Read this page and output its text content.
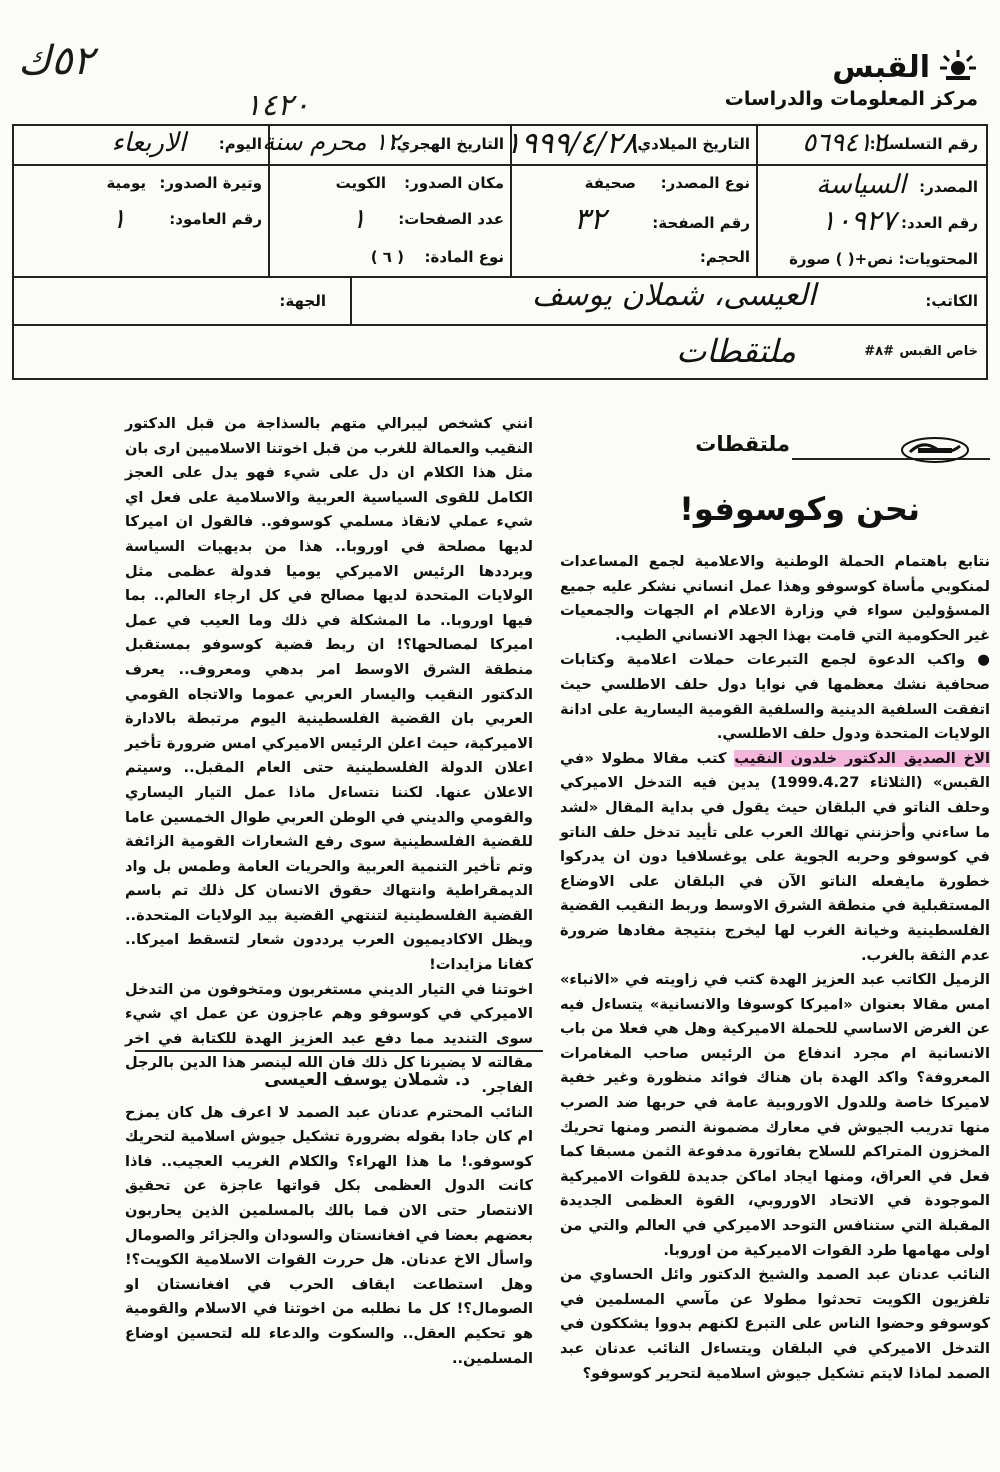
٥٢ك
١٤٢٠
القبس
مركز المعلومات والدراسات
رقم التسلسل:
٥٦٩٤١٢
التاريخ الميلادي:
١٩٩٩/٤/٢٨
التاريخ الهجري:
١٢ محرم سنة
اليوم:
الاربعاء
المصدر:
السياسة
نوع المصدر:
صحيفة
مكان الصدور:
الكويت
وتيرة الصدور:
يومية
رقم العدد:
١٠٩٢٧
رقم الصفحة:
٣٢
عدد الصفحات:
١
رقم العامود:
١
المحتويات: نص+( ) صورة
الحجم:
نوع المادة:
( ٦ )
الكاتب:
العيسى، شملان يوسف
الجهة:
خاص القبس
#٨#
ملتقطات
ملتقطات
نحن وكوسوفو!

نتابع باهتمام الحملة الوطنية والاعلامية لجمع المساعدات لمنكوبي مأساة كوسوفو وهذا عمل انساني نشكر عليه جميع المسؤولين سواء في وزارة الاعلام ام الجهات والجمعيات غير الحكومية التي قامت بهذا الجهد الانساني الطيب.

● واكب الدعوة لجمع التبرعات حملات اعلامية وكتابات صحافية نشك معظمها في نوايا دول حلف الاطلسي حيث اتفقت السلفية الدينية والسلفية القومية اليسارية على ادانة الولايات المتحدة ودول حلف الاطلسي.

الاخ الصديق الدكتور خلدون النقيب كتب مقالا مطولا «في القبس» (الثلاثاء 1999.4.27) يدين فيه التدخل الاميركي وحلف الناتو في البلقان حيث يقول في بداية المقال «لشد ما ساءني وأحزنني تهالك العرب على تأييد تدخل حلف الناتو في كوسوفو وحربه الجوية على يوغسلافيا دون ان يدركوا خطورة مايفعله الناتو الآن في البلقان على الاوضاع المستقبلية في منطقة الشرق الاوسط وربط النقيب القضية الفلسطينية وخيانة الغرب لها ليخرج بنتيجة مفادها ضرورة عدم الثقة بالغرب.

الزميل الكاتب عبد العزيز الهدة كتب في زاويته في «الانباء» امس مقالا بعنوان «اميركا كوسوفا والانسانية» يتساءل فيه عن الغرض الاساسي للحملة الاميركية وهل هي فعلا من باب الانسانية ام مجرد اندفاع من الرئيس صاحب المغامرات المعروفة؟ واكد الهدة بان هناك فوائد منظورة وغير خفية لاميركا خاصة وللدول الاوروبية عامة في حربها ضد الصرب منها تدريب الجيوش في معارك مضمونة النصر ومنها تحريك المخزون المتراكم للسلاح بفاتورة مدفوعة الثمن مسبقا كما فعل في العراق، ومنها ايجاد اماكن جديدة للقوات الاميركية الموجودة في الاتحاد الاوروبي، القوة العظمى الجديدة المقبلة التي ستنافس التوحد الاميركي في العالم والتي من اولى مهامها طرد القوات الاميركية من اوروبا.

النائب عدنان عبد الصمد والشيخ الدكتور وائل الحساوي من تلفزيون الكويت تحدثوا مطولا عن مآسي المسلمين في كوسوفو وحضوا الناس على التبرع لكنهم بدووا يشككون في التدخل الاميركي في البلقان ويتساءل النائب عدنان عبد الصمد لماذا لايتم تشكيل جيوش اسلامية لتحرير كوسوفو؟

انني كشخص ليبرالي متهم بالسذاجة من قبل الدكتور النقيب والعمالة للغرب من قبل اخوتنا الاسلاميين ارى بان مثل هذا الكلام ان دل على شيء فهو يدل على العجز الكامل للقوى السياسية العربية والاسلامية على فعل اي شيء عملي لانقاذ مسلمي كوسوفو.. فالقول ان اميركا لديها مصلحة في اوروبا.. هذا من بديهيات السياسة ويرددها الرئيس الاميركي يوميا فدولة عظمى مثل الولايات المتحدة لديها مصالح في كل ارجاء العالم.. بما فيها اوروبا.. ما المشكلة في ذلك وما العيب في عمل اميركا لمصالحها؟! ان ربط قضية كوسوفو بمستقبل منطقة الشرق الاوسط امر بدهي ومعروف.. يعرف الدكتور النقيب واليسار العربي عموما والاتجاه القومي العربي بان القضية الفلسطينية اليوم مرتبطة بالادارة الاميركية، حيث اعلن الرئيس الاميركي امس ضرورة تأخير اعلان الدولة الفلسطينية حتى العام المقبل.. وسيتم الاعلان عنها. لكننا نتساءل ماذا عمل التيار اليساري والقومي والديني في الوطن العربي طوال الخمسين عاما للقضية الفلسطينية سوى رفع الشعارات القومية الزائفة وتم تأخير التنمية العربية والحريات العامة وطمس بل واد الديمقراطية وانتهاك حقوق الانسان كل ذلك تم باسم القضية الفلسطينية لتنتهي القضية بيد الولايات المتحدة.. ويظل الاكاديميون العرب يرددون شعار لتسقط اميركا.. كفانا مزايدات!

اخوتنا في التيار الديني مستغربون ومتخوفون من التدخل الاميركي في كوسوفو وهم عاجزون عن عمل اي شيء سوى التنديد مما دفع عبد العزيز الهدة للكتابة في اخر مقالته لا يضيرنا كل ذلك فان الله لينصر هذا الدين بالرجل الفاجر.

النائب المحترم عدنان عبد الصمد لا اعرف هل كان يمزح ام كان جادا بقوله بضرورة تشكيل جيوش اسلامية لتحريك كوسوفو.! ما هذا الهراء؟ والكلام الغريب العجيب.. فاذا كانت الدول العظمى بكل قواتها عاجزة عن تحقيق الانتصار حتى الان فما بالك بالمسلمين الذين يحاربون بعضهم بعضا في افغانستان والسودان والجزائر والصومال واسأل الاخ عدنان. هل حررت القوات الاسلامية الكويت؟! وهل استطاعت ايقاف الحرب في افغانستان او الصومال؟! كل ما نطلبه من اخوتنا في الاسلام والقومية هو تحكيم العقل.. والسكوت والدعاء لله لتحسين اوضاع المسلمين..

د. شملان يوسف العيسى
